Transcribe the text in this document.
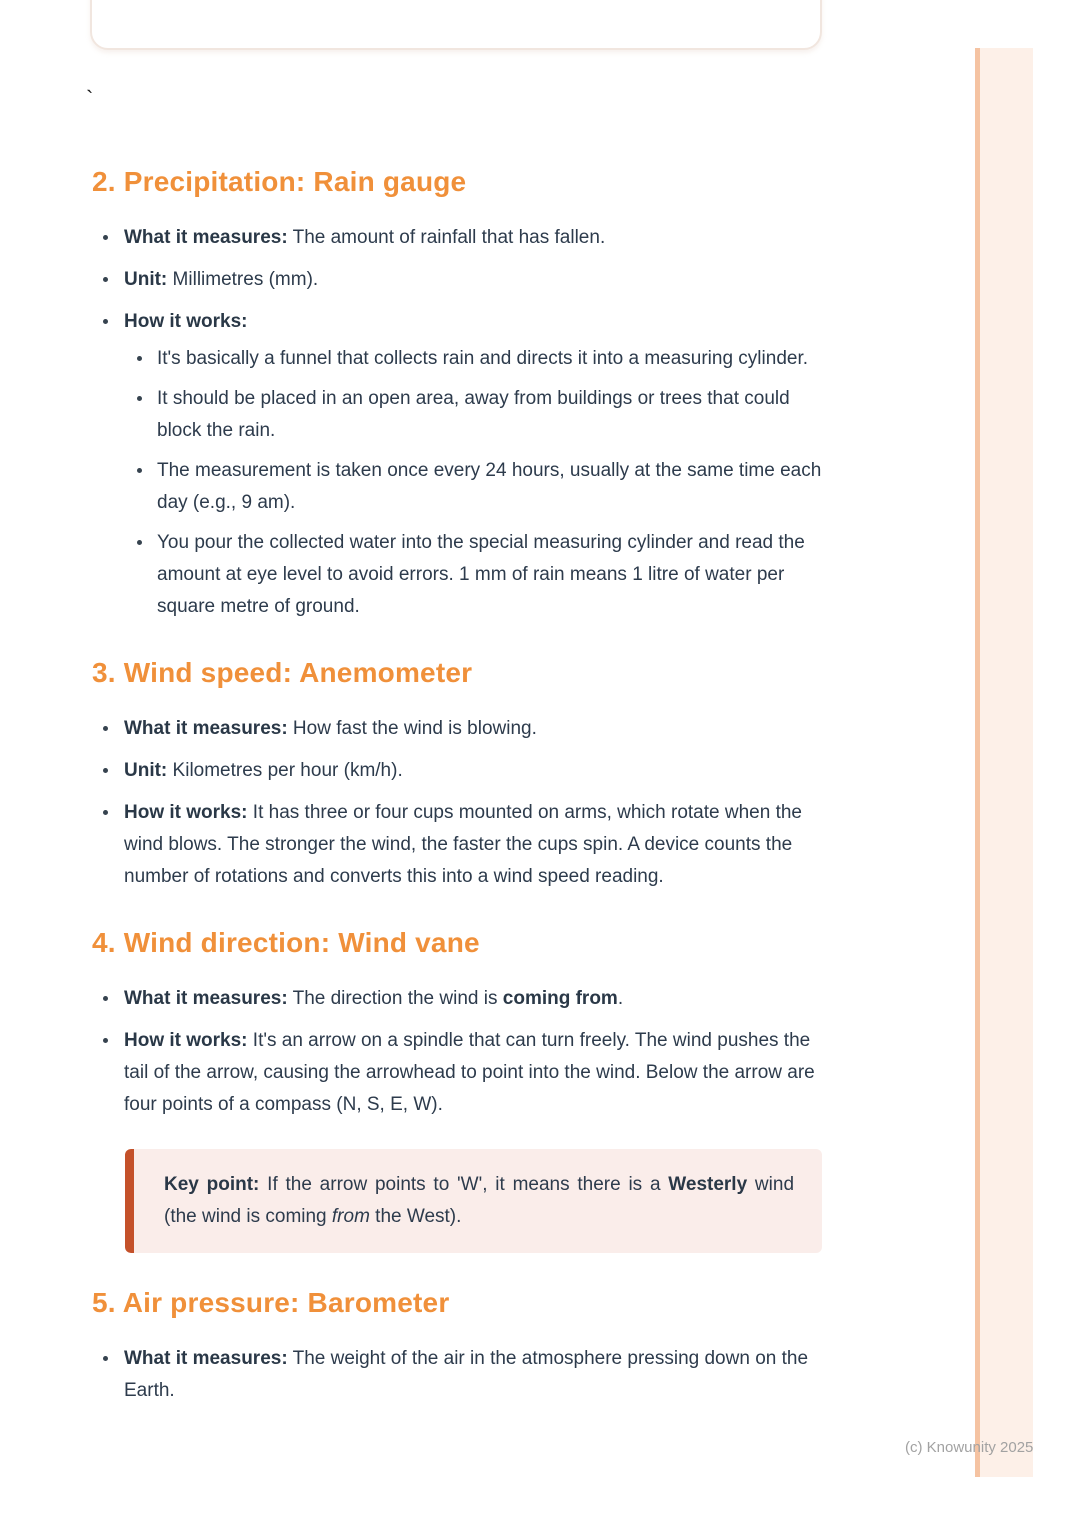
`
2. Precipitation: Rain gauge
What it measures: The amount of rainfall that has fallen.
Unit: Millimetres (mm).
How it works:
It's basically a funnel that collects rain and directs it into a measuring cylinder.
It should be placed in an open area, away from buildings or trees that could block the rain.
The measurement is taken once every 24 hours, usually at the same time each day (e.g., 9 am).
You pour the collected water into the special measuring cylinder and read the amount at eye level to avoid errors. 1 mm of rain means 1 litre of water per square metre of ground.
3. Wind speed: Anemometer
What it measures: How fast the wind is blowing.
Unit: Kilometres per hour (km/h).
How it works: It has three or four cups mounted on arms, which rotate when the wind blows. The stronger the wind, the faster the cups spin. A device counts the number of rotations and converts this into a wind speed reading.
4. Wind direction: Wind vane
What it measures: The direction the wind is coming from.
How it works: It's an arrow on a spindle that can turn freely. The wind pushes the tail of the arrow, causing the arrowhead to point into the wind. Below the arrow are four points of a compass (N, S, E, W).
Key point: If the arrow points to 'W', it means there is a Westerly wind (the wind is coming from the West).
5. Air pressure: Barometer
What it measures: The weight of the air in the atmosphere pressing down on the Earth.
(c) Knowunity 2025
